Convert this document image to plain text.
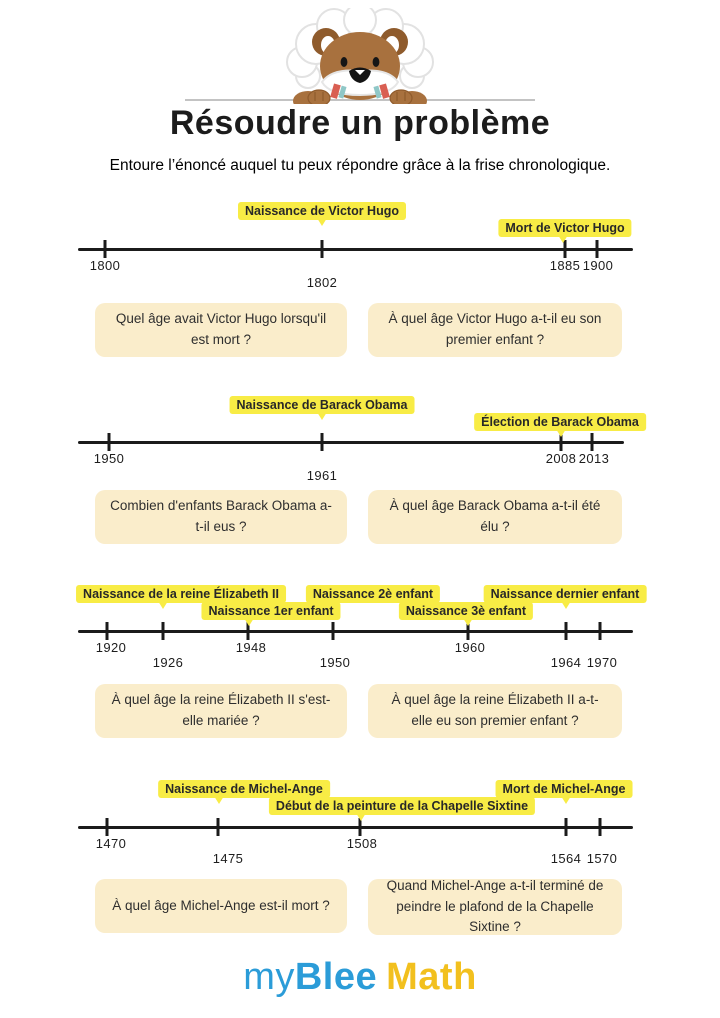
Résoudre un problème
Entoure l’énoncé auquel tu peux répondre grâce à la frise chronologique.
Naissance de Victor Hugo
Mort de Victor Hugo
1800
1802
1885 1900
Quel âge avait Victor Hugo lorsqu'il est mort ?
À quel âge Victor Hugo a-t-il eu son premier enfant ?
Naissance de Barack Obama
Élection de Barack Obama
1950
1961
2008 2013
Combien d'enfants Barack Obama a-t-il eus ?
À quel âge Barack Obama a-t-il été élu ?
Naissance de la reine Élizabeth II	Naissance 2è enfant	Naissance dernier enfant
Naissance 1er enfant	Naissance 3è enfant
1920
1926
1948
1950
1960
1964 1970
À quel âge la reine Élizabeth II s'est-elle mariée ?
À quel âge la reine Élizabeth II a-t-elle eu son premier enfant ?
Naissance de Michel-Ange	Mort de Michel-Ange
Début de la peinture de la Chapelle Sixtine
1470
1475
1508
1564 1570
À quel âge Michel-Ange est-il mort ?
Quand Michel-Ange a-t-il terminé de peindre le plafond de la Chapelle Sixtine ?
myBlee Math
